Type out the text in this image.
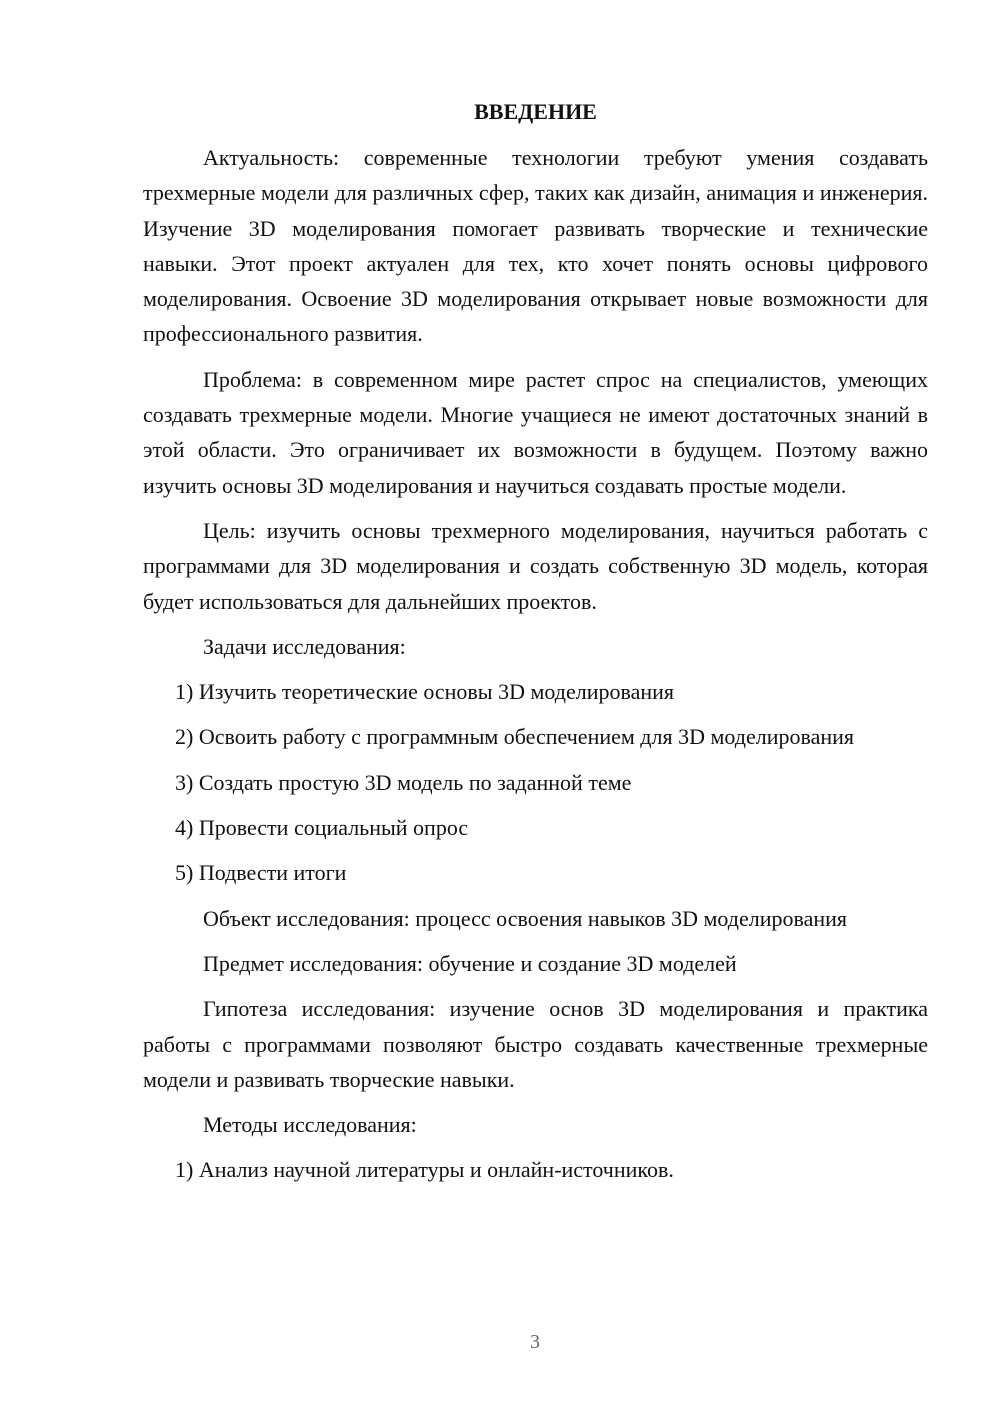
ВВЕДЕНИЕ

Актуальность: современные технологии требуют умения создавать трехмерные модели для различных сфер, таких как дизайн, анимация и инженерия. Изучение 3D моделирования помогает развивать творческие и технические навыки. Этот проект актуален для тех, кто хочет понять основы цифрового моделирования. Освоение 3D моделирования открывает новые возможности для профессионального развития.

Проблема: в современном мире растет спрос на специалистов, умеющих создавать трехмерные модели. Многие учащиеся не имеют достаточных знаний в этой области. Это ограничивает их возможности в будущем. Поэтому важно изучить основы 3D моделирования и научиться создавать простые модели.

Цель: изучить основы трехмерного моделирования, научиться работать с программами для 3D моделирования и создать собственную 3D модель, которая будет использоваться для дальнейших проектов.

Задачи исследования:

1) Изучить теоретические основы 3D моделирования

2) Освоить работу с программным обеспечением для 3D моделирования

3) Создать простую 3D модель по заданной теме

4) Провести социальный опрос

5) Подвести итоги

Объект исследования: процесс освоения навыков 3D моделирования

Предмет исследования: обучение и создание 3D моделей

Гипотеза исследования: изучение основ 3D моделирования и практика работы с программами позволяют быстро создавать качественные трехмерные модели и развивать творческие навыки.

Методы исследования:

1) Анализ научной литературы и онлайн-источников.

3
